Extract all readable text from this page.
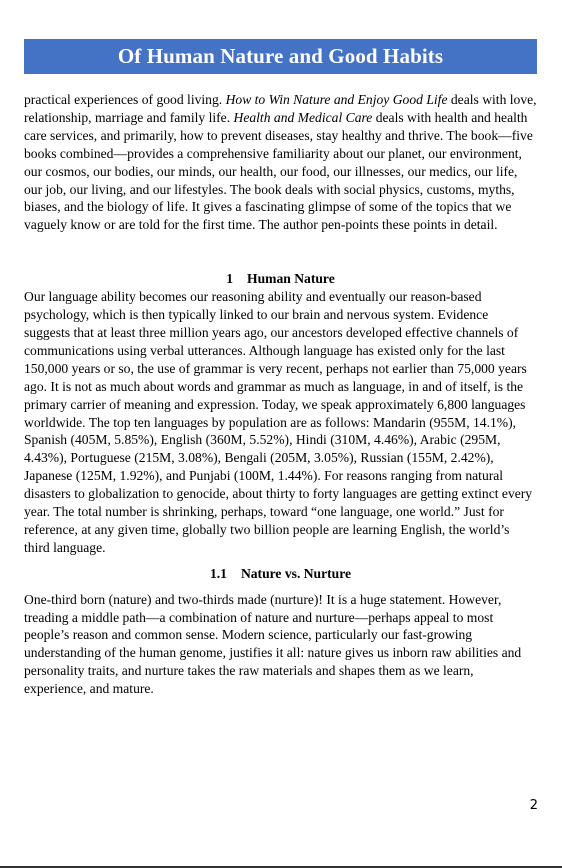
Of Human Nature and Good Habits

practical experiences of good living. How to Win Nature and Enjoy Good Life deals with love, relationship, marriage and family life. Health and Medical Care deals with health and health care services, and primarily, how to prevent diseases, stay healthy and thrive. The book—five books combined—provides a comprehensive familiarity about our planet, our environment, our cosmos, our bodies, our minds, our health, our food, our illnesses, our medics, our life, our job, our living, and our lifestyles. The book deals with social physics, customs, myths, biases, and the biology of life. It gives a fascinating glimpse of some of the topics that we vaguely know or are told for the first time. The author pen-points these points in detail.

1 Human Nature

Our language ability becomes our reasoning ability and eventually our reason-based psychology, which is then typically linked to our brain and nervous system. Evidence suggests that at least three million years ago, our ancestors developed effective channels of communications using verbal utterances. Although language has existed only for the last 150,000 years or so, the use of grammar is very recent, perhaps not earlier than 75,000 years ago. It is not as much about words and grammar as much as language, in and of itself, is the primary carrier of meaning and expression. Today, we speak approximately 6,800 languages worldwide. The top ten languages by population are as follows: Mandarin (955M, 14.1%), Spanish (405M, 5.85%), English (360M, 5.52%), Hindi (310M, 4.46%), Arabic (295M, 4.43%), Portuguese (215M, 3.08%), Bengali (205M, 3.05%), Russian (155M, 2.42%), Japanese (125M, 1.92%), and Punjabi (100M, 1.44%). For reasons ranging from natural disasters to globalization to genocide, about thirty to forty languages are getting extinct every year. The total number is shrinking, perhaps, toward “one language, one world.” Just for reference, at any given time, globally two billion people are learning English, the world’s third language.

1.1 Nature vs. Nurture

One-third born (nature) and two-thirds made (nurture)! It is a huge statement. However, treading a middle path—a combination of nature and nurture—perhaps appeal to most people’s reason and common sense. Modern science, particularly our fast-growing understanding of the human genome, justifies it all: nature gives us inborn raw abilities and personality traits, and nurture takes the raw materials and shapes them as we learn, experience, and mature.

2
